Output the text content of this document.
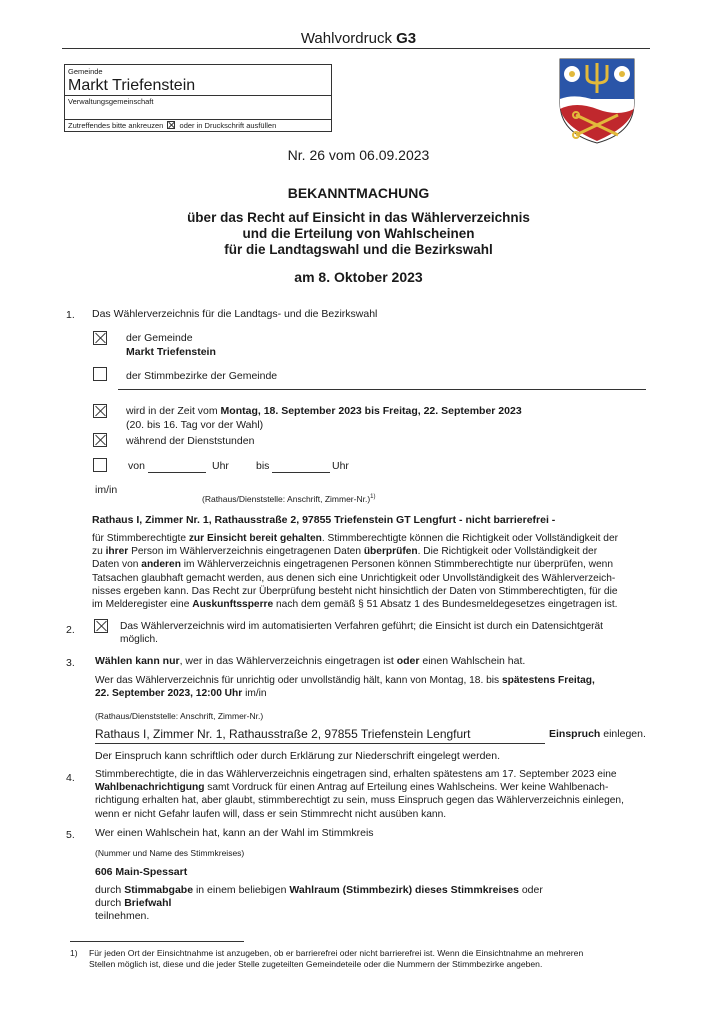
Wahlvordruck G3
Gemeinde
Markt Triefenstein
Verwaltungsgemeinschaft
Zutreffendes bitte ankreuzen oder in Druckschrift ausfüllen
Nr. 26 vom 06.09.2023
BEKANNTMACHUNG
über das Recht auf Einsicht in das Wählerverzeichnis
und die Erteilung von Wahlscheinen
für die Landtagswahl und die Bezirkswahl
am 8. Oktober 2023
1. Das Wählerverzeichnis für die Landtags- und die Bezirkswahl
der Gemeinde
Markt Triefenstein
der Stimmbezirke der Gemeinde
wird in der Zeit vom Montag, 18. September 2023 bis Freitag, 22. September 2023
(20. bis 16. Tag vor der Wahl)
während der Dienststunden
von	Uhr	bis	Uhr
im/in
(Rathaus/Dienststelle: Anschrift, Zimmer-Nr.)$^{1)}$
Rathaus I, Zimmer Nr. 1, Rathausstraße 2, 97855 Triefenstein GT Lengfurt - nicht barrierefrei -
für Stimmberechtigte zur Einsicht bereit gehalten. Stimmberechtigte können die Richtigkeit oder Vollständigkeit der
zu ihrer Person im Wählerverzeichnis eingetragenen Daten überprüfen. Die Richtigkeit oder Vollständigkeit der
Daten von anderen im Wählerverzeichnis eingetragenen Personen können Stimmberechtigte nur überprüfen, wenn
Tatsachen glaubhaft gemacht werden, aus denen sich eine Unrichtigkeit oder Unvollständigkeit des Wählerverzeich-
nisses ergeben kann. Das Recht zur Überprüfung besteht nicht hinsichtlich der Daten von Stimmberechtigten, für die
im Melderegister eine Auskunftssperre nach dem gemäß § 51 Absatz 1 des Bundesmeldegesetzes eingetragen ist.
2.	Das Wählerverzeichnis wird im automatisierten Verfahren geführt; die Einsicht ist durch ein Datensichtgerät
möglich.
3. Wählen kann nur, wer in das Wählerverzeichnis eingetragen ist oder einen Wahlschein hat.
Wer das Wählerverzeichnis für unrichtig oder unvollständig hält, kann von Montag, 18. bis spätestens Freitag,
22. September 2023, 12:00 Uhr im/in
(Rathaus/Dienststelle: Anschrift, Zimmer-Nr.)
Rathaus I, Zimmer Nr. 1, Rathausstraße 2, 97855 Triefenstein Lengfurt	Einspruch einlegen.
Der Einspruch kann schriftlich oder durch Erklärung zur Niederschrift eingelegt werden.
4. Stimmberechtigte, die in das Wählerverzeichnis eingetragen sind, erhalten spätestens am 17. September 2023 eine
Wahlbenachrichtigung samt Vordruck für einen Antrag auf Erteilung eines Wahlscheins. Wer keine Wahlbenach-
richtigung erhalten hat, aber glaubt, stimmberechtigt zu sein, muss Einspruch gegen das Wählerverzeichnis einlegen,
wenn er nicht Gefahr laufen will, dass er sein Stimmrecht nicht ausüben kann.
5. Wer einen Wahlschein hat, kann an der Wahl im Stimmkreis
(Nummer und Name des Stimmkreises)
606 Main-Spessart
durch Stimmabgabe in einem beliebigen Wahlraum (Stimmbezirk) dieses Stimmkreises oder
durch Briefwahl
teilnehmen.
1) Für jeden Ort der Einsichtnahme ist anzugeben, ob er barrierefrei oder nicht barrierefrei ist. Wenn die Einsichtnahme an mehreren
Stellen möglich ist, diese und die jeder Stelle zugeteilten Gemeindeteile oder die Nummern der Stimmbezirke angeben.
